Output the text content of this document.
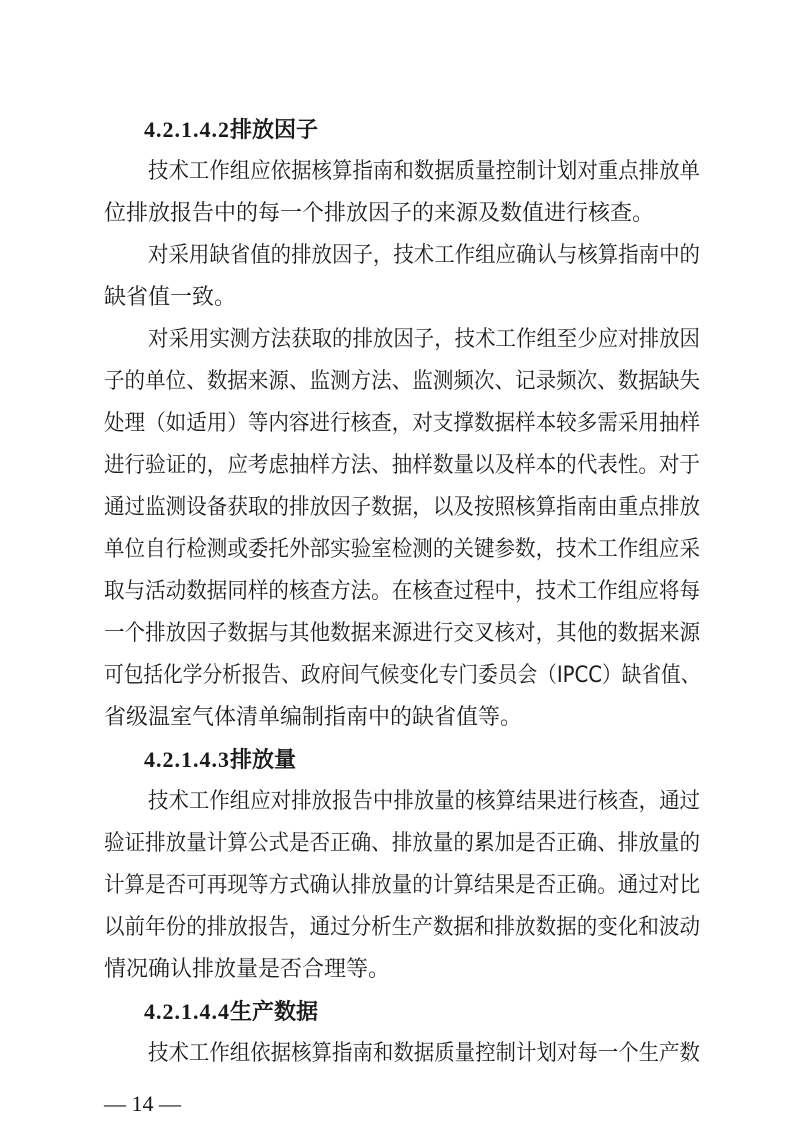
4.2.1.4.2排放因子

技术工作组应依据核算指南和数据质量控制计划对重点排放单

位排放报告中的每一个排放因子的来源及数值进行核查。

对采用缺省值的排放因子，技术工作组应确认与核算指南中的

缺省值一致。

对采用实测方法获取的排放因子，技术工作组至少应对排放因

子的单位、数据来源、监测方法、监测频次、记录频次、数据缺失

处理（如适用）等内容进行核查，对支撑数据样本较多需采用抽样

进行验证的，应考虑抽样方法、抽样数量以及样本的代表性。对于

通过监测设备获取的排放因子数据，以及按照核算指南由重点排放

单位自行检测或委托外部实验室检测的关键参数，技术工作组应采

取与活动数据同样的核查方法。在核查过程中，技术工作组应将每

一个排放因子数据与其他数据来源进行交叉核对，其他的数据来源

可包括化学分析报告、政府间气候变化专门委员会（IPCC）缺省值、

省级温室气体清单编制指南中的缺省值等。

4.2.1.4.3排放量

技术工作组应对排放报告中排放量的核算结果进行核查，通过

验证排放量计算公式是否正确、排放量的累加是否正确、排放量的

计算是否可再现等方式确认排放量的计算结果是否正确。通过对比

以前年份的排放报告，通过分析生产数据和排放数据的变化和波动

情况确认排放量是否合理等。

4.2.1.4.4生产数据

技术工作组依据核算指南和数据质量控制计划对每一个生产数

— 14 —
